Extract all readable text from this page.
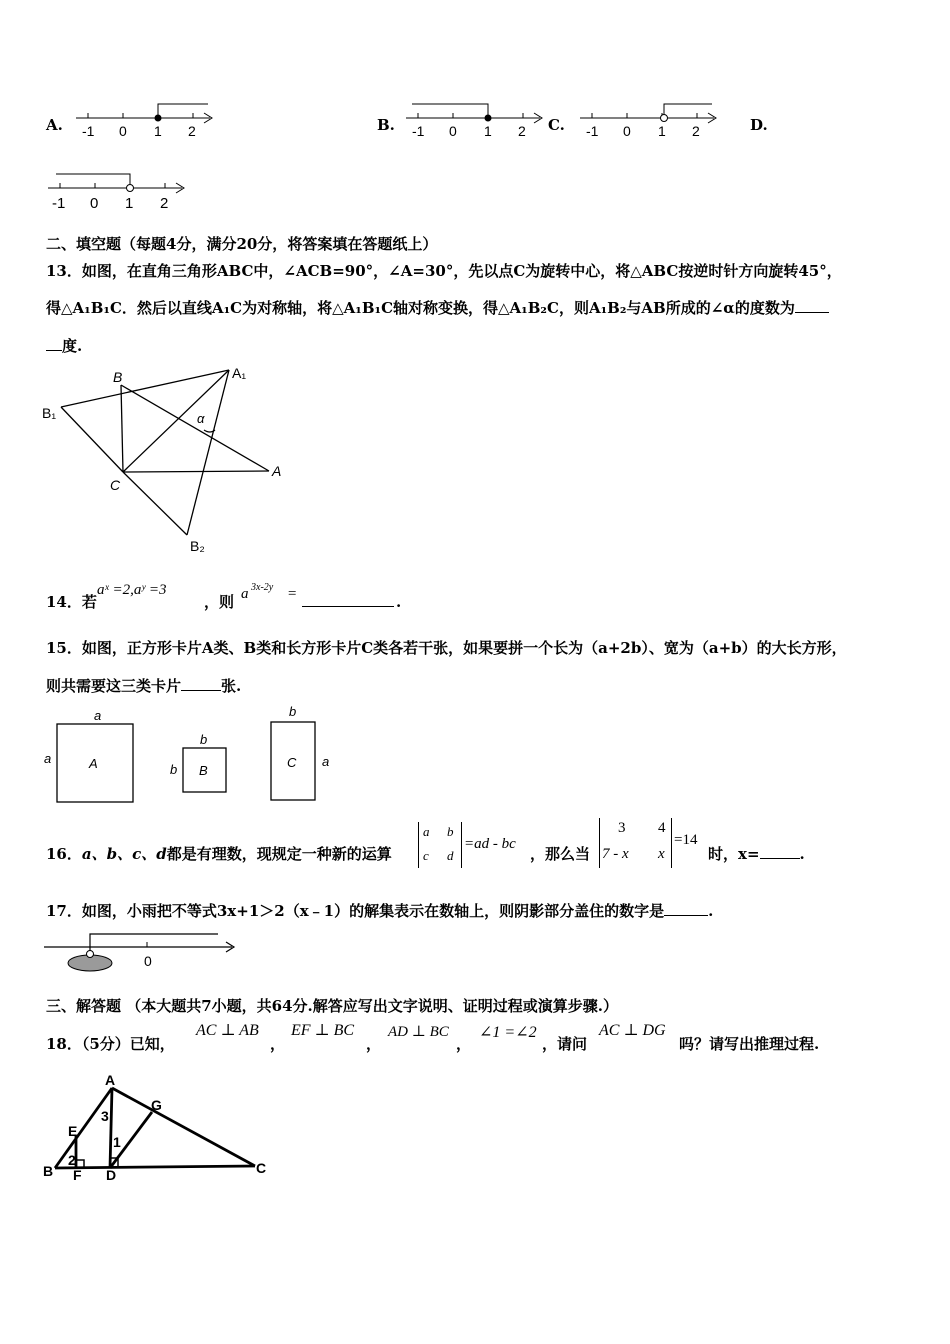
A. -1 0 1 2	B. -1 0 1 2 C. -1 0 1 2	D.
-1 0 1 2
二、填空题（每题4分，满分20分，将答案填在答题纸上）
13．如图，在直角三角形ABC中，∠ACB=90°，∠A=30°，先以点C为旋转中心，将△ABC按逆时针方向旋转45°，
得△A₁B₁C．然后以直线A₁C为对称轴，将△A₁B₁C轴对称变换，得△A₁B₂C，则A₁B₂与AB所成的∠α的度数为
度.
B	A₁
B₁	α
A
C
B₂
14．若
aˣ =2,aʸ =3
，则 a 3x-2y =	.
15．如图，正方形卡片A类、B类和长方形卡片C类各若干张，如果要拼一个长为（a+2b）、宽为（a+b）的大长方形，
则共需要这三类卡片	张.
a
a	A
b
b B
b
a
C
16．a、b、c、d都是有理数，现规定一种新的运算
a b
c d
=ad - bc
，那么当
3 4
7 - x x
=14
时，x=	.
17．如图，小雨把不等式3x+1＞2（x﹣1）的解集表示在数轴上，则阴影部分盖住的数字是	.
0
三、解答题 （本大题共7小题，共64分.解答应写出文字说明、证明过程或演算步骤.）
18．（5分）已知，
AC ⊥ AB
，
EF ⊥ BC
，
AD ⊥ BC
，
∠1 =∠2
，请问
AC ⊥ DG
吗？请写出推理过程.
A
G
E
3
1
2
B F D	C
